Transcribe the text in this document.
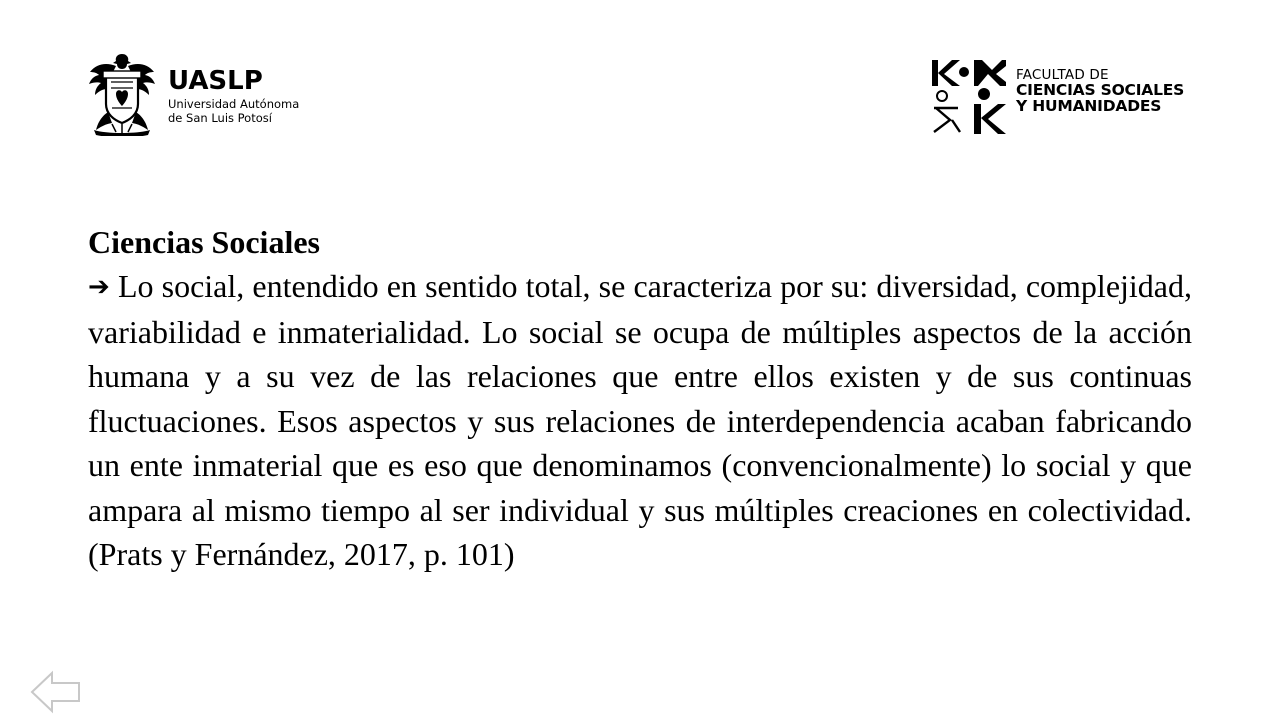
UASLP
Universidad Autónoma
de San Luis Potosí
FACULTAD DE
CIENCIAS SOCIALES
Y HUMANIDADES
Ciencias Sociales

➔ Lo social, entendido en sentido total, se caracteriza por su: diversidad, complejidad, variabilidad e inmaterialidad. Lo social se ocupa de múltiples aspectos de la acción humana y a su vez de las relaciones que entre ellos existen y de sus continuas fluctuaciones. Esos aspectos y sus relaciones de interdependencia acaban fabricando un ente inmaterial que es eso que denominamos (convencionalmente) lo social y que ampara al mismo tiempo al ser individual y sus múltiples creaciones en colectividad. (Prats y Fernández, 2017, p. 101)
